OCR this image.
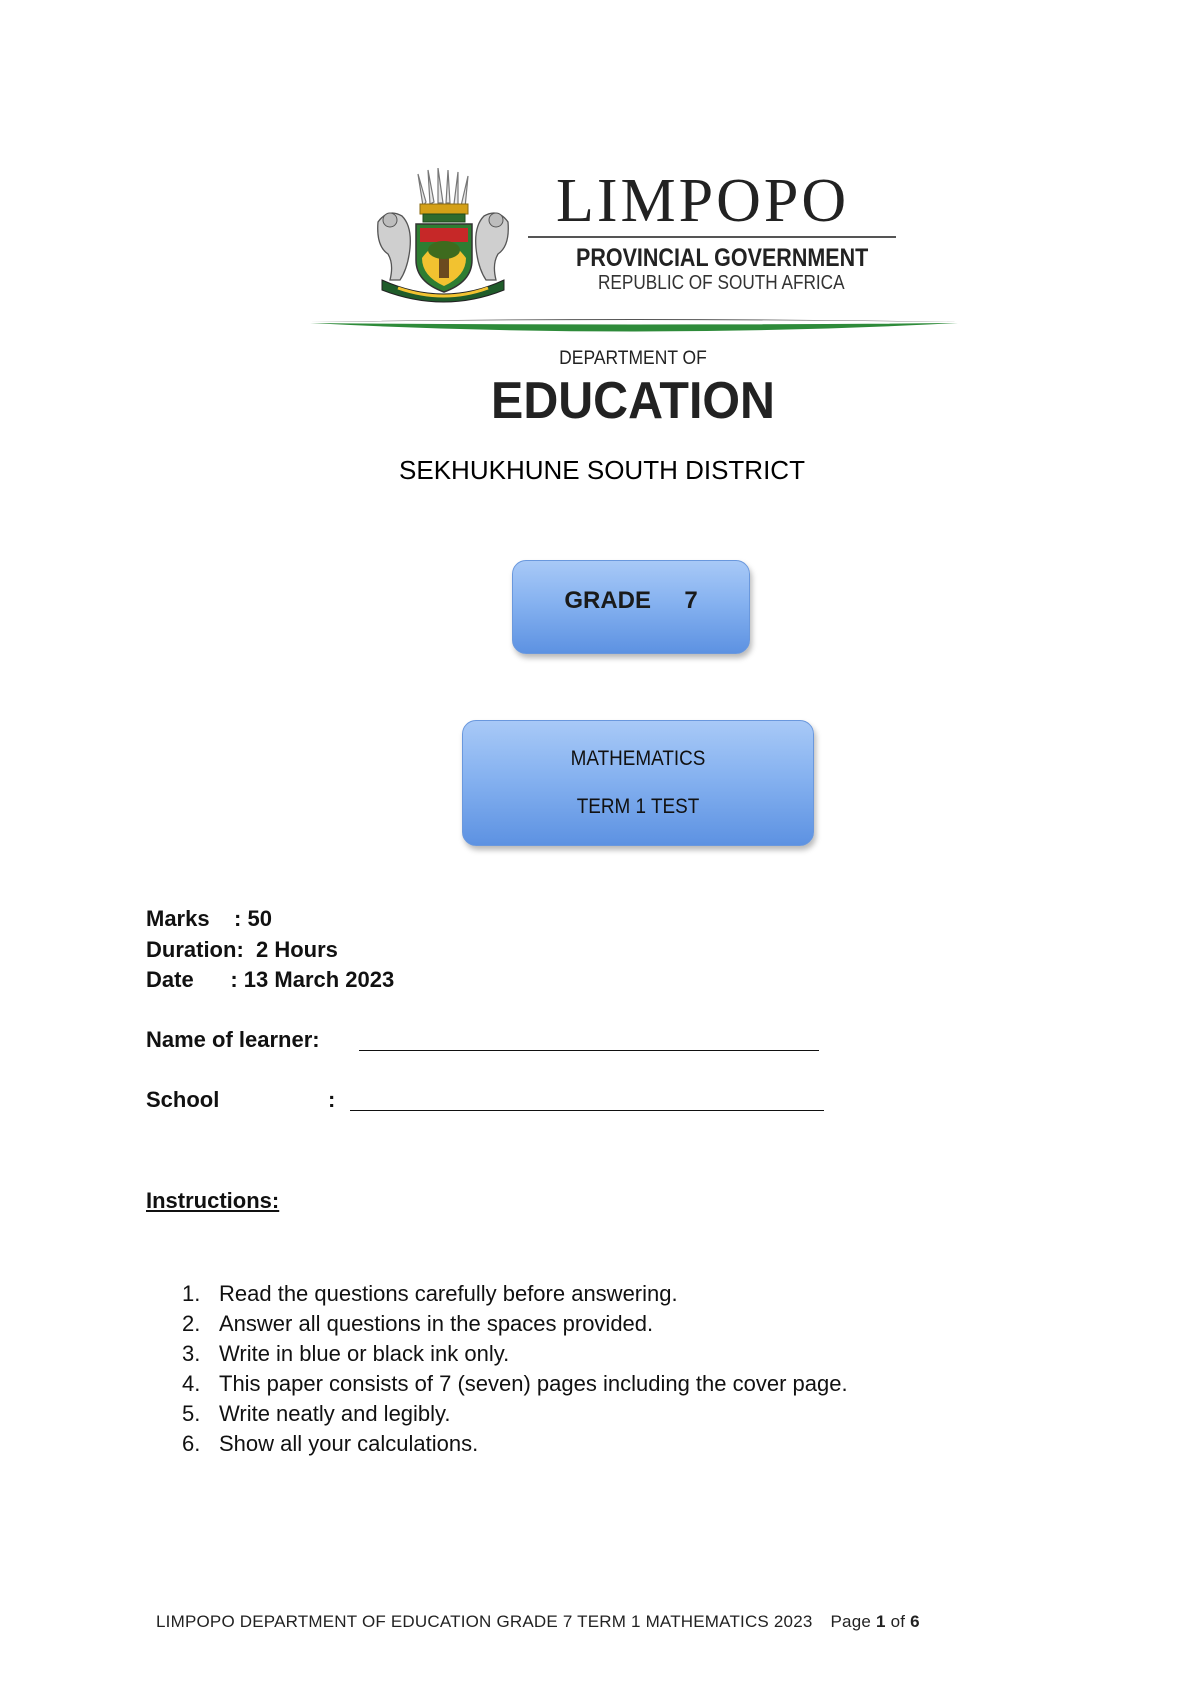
LIMPOPO
PROVINCIAL GOVERNMENT
REPUBLIC OF SOUTH AFRICA
DEPARTMENT OF
EDUCATION
SEKHUKHUNE SOUTH DISTRICT
GRADE     7
MATHEMATICS
TERM 1 TEST
Marks    : 50
Duration:  2 Hours
Date      : 13 March 2023
Name of learner:
School	:
Instructions:
1. Read the questions carefully before answering.
2. Answer all questions in the spaces provided.
3. Write in blue or black ink only.
4. This paper consists of 7 (seven) pages including the cover page.
5. Write neatly and legibly.
6. Show all your calculations.
LIMPOPO DEPARTMENT OF EDUCATION GRADE 7 TERM 1 MATHEMATICS 2023 Page 1 of 6
